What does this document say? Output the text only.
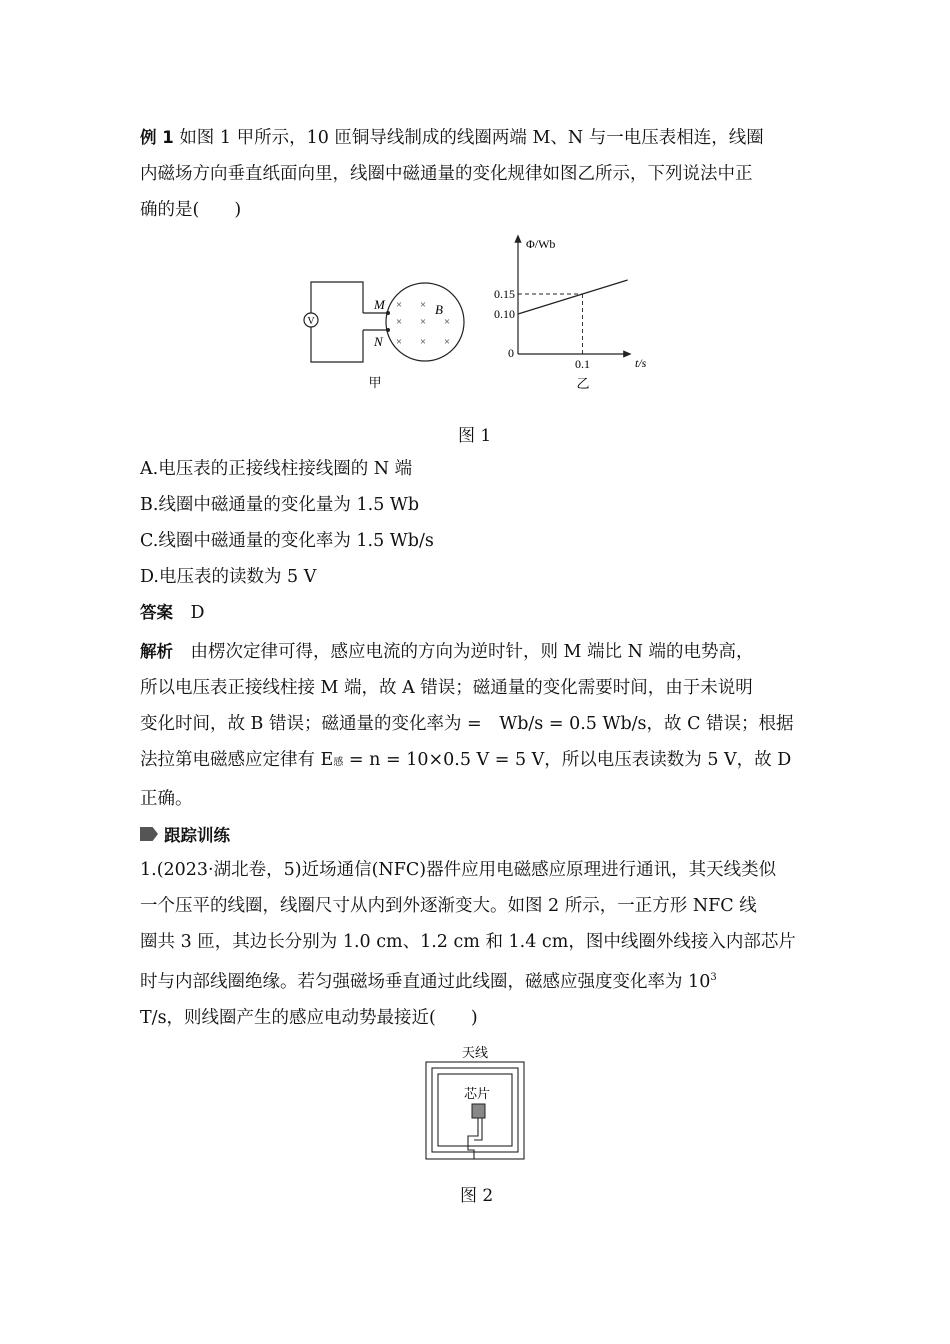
例 1 如图 1 甲所示，10 匝铜导线制成的线圈两端 M、N 与一电压表相连，线圈
内磁场方向垂直纸面向里，线圈中磁通量的变化规律如图乙所示，下列说法中正
确的是(　　)
V
M
N
B
× ×
× × ×
× × ×
甲
Φ/Wb
t/s
0
0.15
0.10
0.1
乙
图 1
A.电压表的正接线柱接线圈的 N 端
B.线圈中磁通量的变化量为 1.5 Wb
C.线圈中磁通量的变化率为 1.5 Wb/s
D.电压表的读数为 5 V
答案　 D
解析　 由楞次定律可得，感应电流的方向为逆时针，则 M 端比 N 端的电势高，
所以电压表正接线柱接 M 端，故 A 错误；磁通量的变化需要时间，由于未说明
变化时间，故 B 错误；磁通量的变化率为 =　Wb/s = 0.5 Wb/s，故 C 错误；根据
法拉第电磁感应定律有 E感 = n = 10×0.5 V = 5 V，所以电压表读数为 5 V，故 D
正确。
跟踪训练
1.(2023·湖北卷，5)近场通信(NFC)器件应用电磁感应原理进行通讯，其天线类似
一个压平的线圈，线圈尺寸从内到外逐渐变大。如图 2 所示，一正方形 NFC 线
圈共 3 匝，其边长分别为 1.0 cm、1.2 cm 和 1.4 cm，图中线圈外线接入内部芯片
时与内部线圈绝缘。若匀强磁场垂直通过此线圈，磁感应强度变化率为 $10^3$
T/s，则线圈产生的感应电动势最接近(　　)
天线
芯片
图 2
